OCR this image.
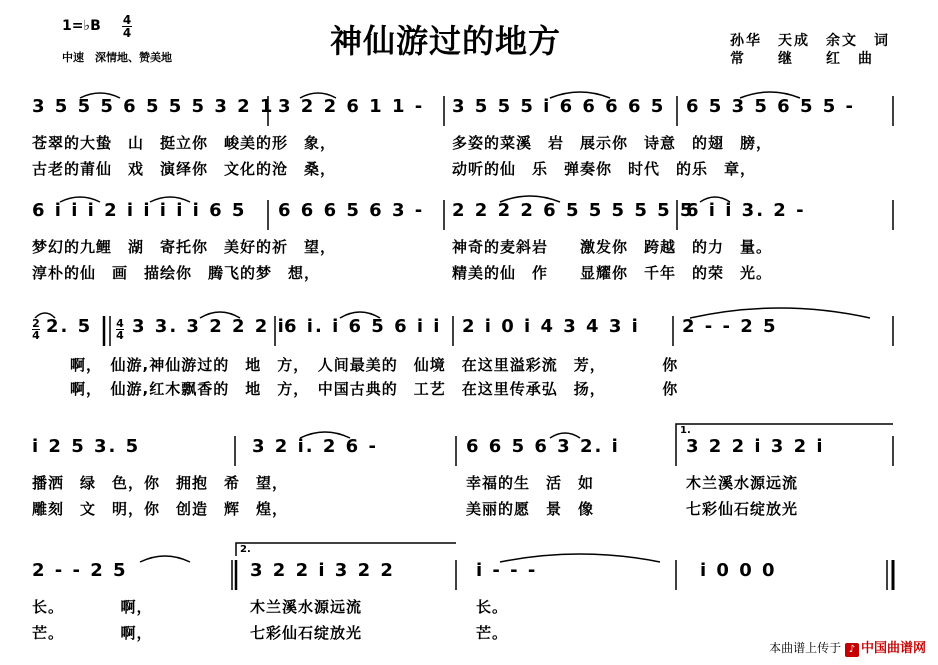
1=♭B 4
4
中速　深情地、赞美地	神仙游过的地方	孙华　天成　余文　词
常　　继　　红　曲
3 5 5 5 6 5 5 5 3 2 1 3 2 2 6 1 1 - 3 5 5 5 i 6 6 6 6 5 6 5 3 5 6 5 5 -
苍翠的大蛰　山　挺立你　峻美的形　象，	多姿的菜溪　岩　展示你　诗意　的翅　膀，
古老的莆仙　戏　演绎你　文化的沧　桑，	动听的仙　乐　弹奏你　时代　的乐　章，
6 i i i 2 i i i i i 6 5 6 6 6 5 6 3 - 2 2 2 2 6 5 5 5 5 5 5
6 i i 3. 2 -
梦幻的九鲤　湖　寄托你　美好的祈　望，	神奇的麦斜岩　　激发你　跨越　的力　量。
淳朴的仙　画　描绘你　腾飞的梦　想，	精美的仙　作　　显耀你　千年　的荣　光。
2
4 2. 5 4
4 3 3. 3 2 2 2 i
6 i. i 6 5 6 i i 2 i 0 i 4 3 4 3 i 2 - - 2 5
啊，　仙游,神仙游过的　地　方，　人间最美的　仙境　在这里溢彩流　芳，　　　　你
啊，　仙游,红木飘香的　地　方，　中国古典的　工艺　在这里传承弘　扬，　　　　你
1.
i 2 5 3. 5	3 2 i. 2 6 -	6 6 5 6 3 2. i	3 2 2 i 3 2 i
播洒　绿　色，你　拥抱　希　望，	幸福的生　活　如	木兰溪水源远流
雕刻　文　明，你　创造　辉　煌，	美丽的愿　景　像	七彩仙石绽放光
2.
2 - - 2 5	3 2 2 i 3 2 2	i - - -	i 0 0 0
长。　　　　啊，	木兰溪水源远流	长。
芒。　　　　啊，	七彩仙石绽放光	芒。
本曲谱上传于 ♪ 中国曲谱网
